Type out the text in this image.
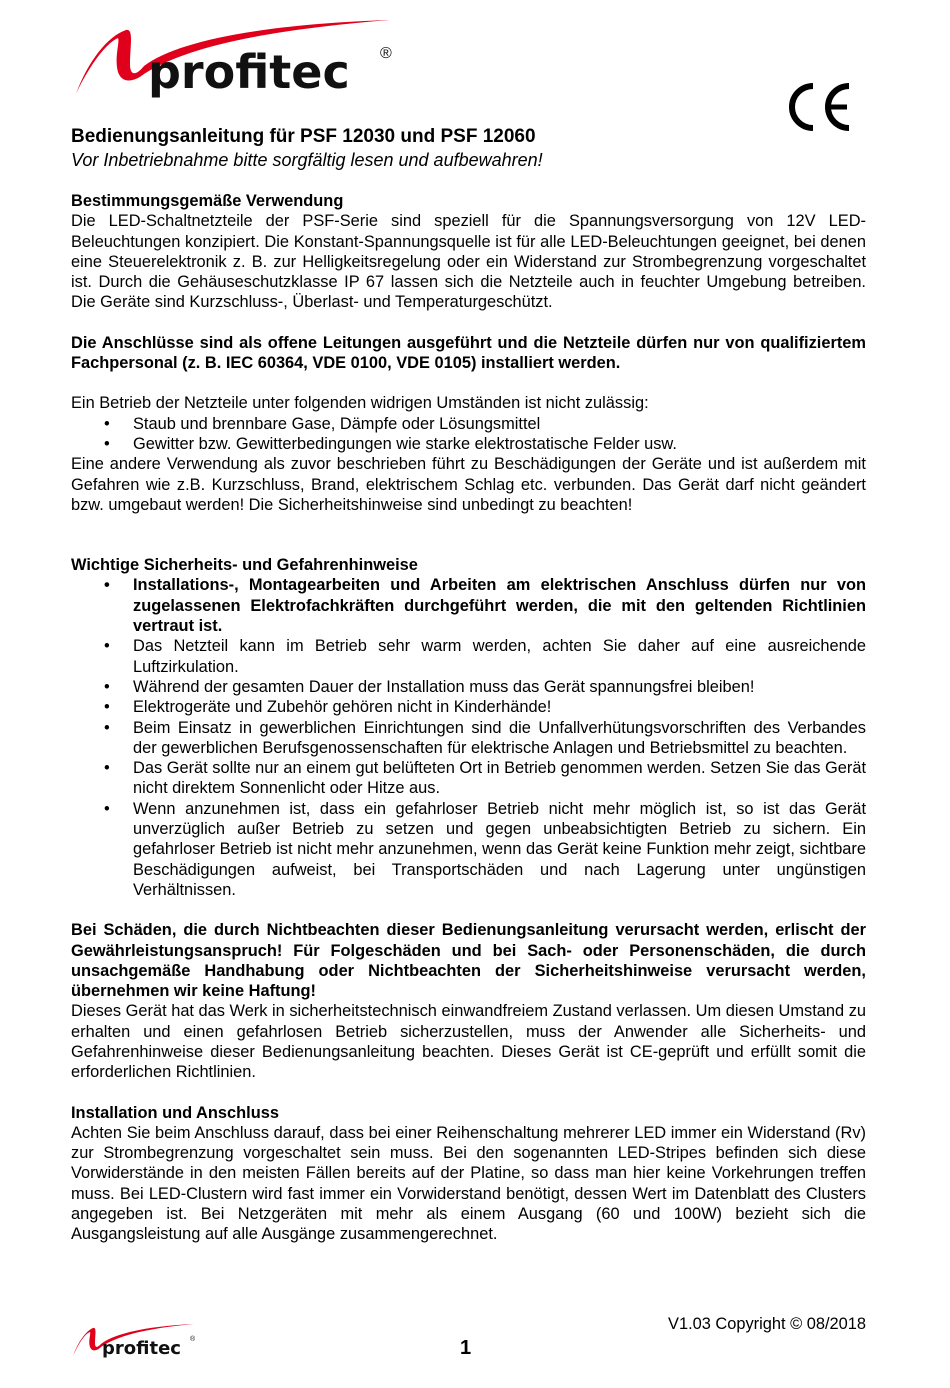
profitec ®

Bedienungsanleitung für PSF 12030 und PSF 12060

Vor Inbetriebnahme bitte sorgfältig lesen und aufbewahren!

Bestimmungsgemäße Verwendung

Die LED-Schaltnetzteile der PSF-Serie sind speziell für die Spannungsversorgung von 12V LED-Beleuchtungen konzipiert. Die Konstant-Spannungsquelle ist für alle LED-Beleuchtungen geeignet, bei denen eine Steuerelektronik z. B. zur Helligkeitsregelung oder ein Widerstand zur Strombegrenzung vorgeschaltet ist. Durch die Gehäuseschutzklasse IP 67 lassen sich die Netzteile auch in feuchter Umgebung betreiben. Die Geräte sind Kurzschluss-, Überlast- und Temperaturgeschützt.

Die Anschlüsse sind als offene Leitungen ausgeführt und die Netzteile dürfen nur von qualifiziertem Fachpersonal (z. B. IEC 60364, VDE 0100, VDE 0105) installiert werden.

Ein Betrieb der Netzteile unter folgenden widrigen Umständen ist nicht zulässig:

• Staub und brennbare Gase, Dämpfe oder Lösungsmittel
• Gewitter bzw. Gewitterbedingungen wie starke elektrostatische Felder usw.

Eine andere Verwendung als zuvor beschrieben führt zu Beschädigungen der Geräte und ist außerdem mit Gefahren wie z.B. Kurzschluss, Brand, elektrischem Schlag etc. verbunden. Das Gerät darf nicht geändert bzw. umgebaut werden! Die Sicherheitshinweise sind unbedingt zu beachten!

Wichtige Sicherheits- und Gefahrenhinweise

• Installations-, Montagearbeiten und Arbeiten am elektrischen Anschluss dürfen nur von zugelassenen Elektrofachkräften durchgeführt werden, die mit den geltenden Richtlinien vertraut ist.
• Das Netzteil kann im Betrieb sehr warm werden, achten Sie daher auf eine ausreichende Luftzirkulation.
• Während der gesamten Dauer der Installation muss das Gerät spannungsfrei bleiben!
• Elektrogeräte und Zubehör gehören nicht in Kinderhände!
• Beim Einsatz in gewerblichen Einrichtungen sind die Unfallverhütungsvorschriften des Verbandes der gewerblichen Berufsgenossenschaften für elektrische Anlagen und Betriebsmittel zu beachten.
• Das Gerät sollte nur an einem gut belüfteten Ort in Betrieb genommen werden. Setzen Sie das Gerät nicht direktem Sonnenlicht oder Hitze aus.
• Wenn anzunehmen ist, dass ein gefahrloser Betrieb nicht mehr möglich ist, so ist das Gerät unverzüglich außer Betrieb zu setzen und gegen unbeabsichtigten Betrieb zu sichern. Ein gefahrloser Betrieb ist nicht mehr anzunehmen, wenn das Gerät keine Funktion mehr zeigt, sichtbare Beschädigungen aufweist, bei Transportschäden und nach Lagerung unter ungünstigen Verhältnissen.

Bei Schäden, die durch Nichtbeachten dieser Bedienungsanleitung verursacht werden, erlischt der Gewährleistungsanspruch! Für Folgeschäden und bei Sach- oder Personenschäden, die durch unsachgemäße Handhabung oder Nichtbeachten der Sicherheitshinweise verursacht werden, übernehmen wir keine Haftung!

Dieses Gerät hat das Werk in sicherheitstechnisch einwandfreiem Zustand verlassen. Um diesen Umstand zu erhalten und einen gefahrlosen Betrieb sicherzustellen, muss der Anwender alle Sicherheits- und Gefahrenhinweise dieser Bedienungsanleitung beachten. Dieses Gerät ist CE-geprüft und erfüllt somit die erforderlichen Richtlinien.

Installation und Anschluss

Achten Sie beim Anschluss darauf, dass bei einer Reihenschaltung mehrerer LED immer ein Widerstand (Rv) zur Strombegrenzung vorgeschaltet sein muss. Bei den sogenannten LED-Stripes befinden sich diese Vorwiderstände in den meisten Fällen bereits auf der Platine, so dass man hier keine Vorkehrungen treffen muss. Bei LED-Clustern wird fast immer ein Vorwiderstand benötigt, dessen Wert im Datenblatt des Clusters angegeben ist. Bei Netzgeräten mit mehr als einem Ausgang (60 und 100W) bezieht sich die Ausgangsleistung auf alle Ausgänge zusammengerechnet.

V1.03 Copyright © 08/2018
profitec ®	1
